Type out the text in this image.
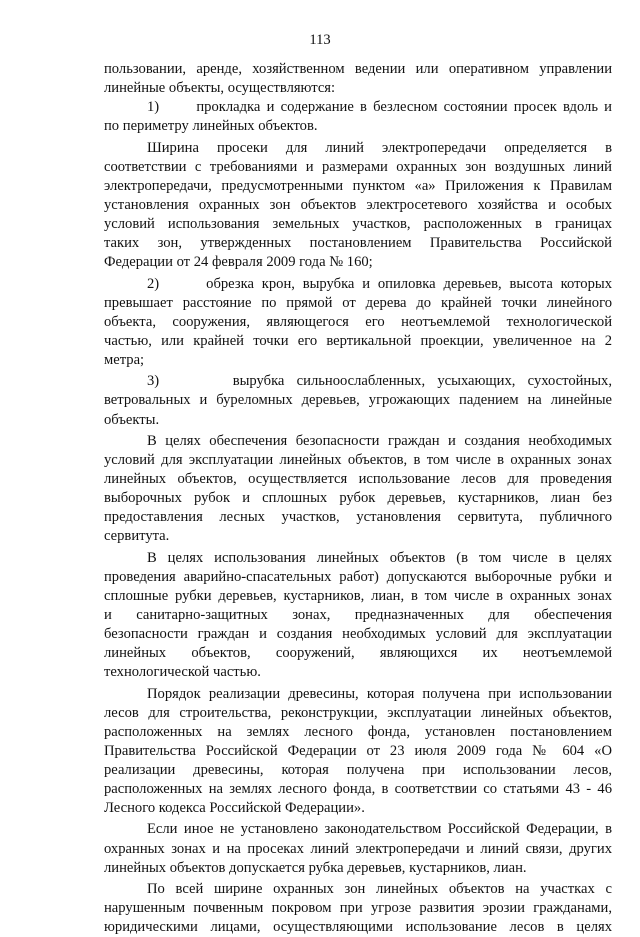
113
пользовании, аренде, хозяйственном ведении или оперативном управлении
линейные объекты, осуществляются:
1)      прокладка и содержание в безлесном состоянии просек вдоль и
по периметру линейных объектов.
Ширина просеки для линий электропередачи определяется в
соответствии с требованиями и размерами охранных зон воздушных линий
электропередачи, предусмотренными пунктом «а» Приложения к Правилам
установления охранных зон объектов электросетевого хозяйства и особых
условий использования земельных участков, расположенных в границах
таких зон, утвержденных постановлением Правительства Российской
Федерации от 24 февраля 2009 года № 160;
2)      обрезка крон, вырубка и опиловка деревьев, высота которых
превышает расстояние по прямой от дерева до крайней точки линейного
объекта, сооружения, являющегося его неотъемлемой технологической
частью, или крайней точки его вертикальной проекции, увеличенное на 2
метра;
3)      вырубка сильноослабленных, усыхающих, сухостойных,
ветровальных и буреломных деревьев, угрожающих падением на линейные
объекты.
В целях обеспечения безопасности граждан и создания необходимых
условий для эксплуатации линейных объектов, в том числе в охранных зонах
линейных объектов, осуществляется использование лесов для проведения
выборочных рубок и сплошных рубок деревьев, кустарников, лиан без
предоставления лесных участков, установления сервитута, публичного
сервитута.
В целях использования линейных объектов (в том числе в целях
проведения аварийно-спасательных работ) допускаются выборочные рубки и
сплошные рубки деревьев, кустарников, лиан, в том числе в охранных зонах
и санитарно-защитных зонах, предназначенных для обеспечения
безопасности граждан и создания необходимых условий для эксплуатации
линейных объектов, сооружений, являющихся их неотъемлемой
технологической частью.
Порядок реализации древесины, которая получена при использовании
лесов для строительства, реконструкции, эксплуатации линейных объектов,
расположенных на землях лесного фонда, установлен постановлением
Правительства Российской Федерации от 23 июля 2009 года № 604 «О
реализации древесины, которая получена при использовании лесов,
расположенных на землях лесного фонда, в соответствии со статьями 43 - 46
Лесного кодекса Российской Федерации».
Если иное не установлено законодательством Российской Федерации, в
охранных зонах и на просеках линий электропередачи и линий связи, других
линейных объектов допускается рубка деревьев, кустарников, лиан.
По всей ширине охранных зон линейных объектов на участках с
нарушенным почвенным покровом при угрозе развития эрозии гражданами,
юридическими лицами, осуществляющими использование лесов в целях
